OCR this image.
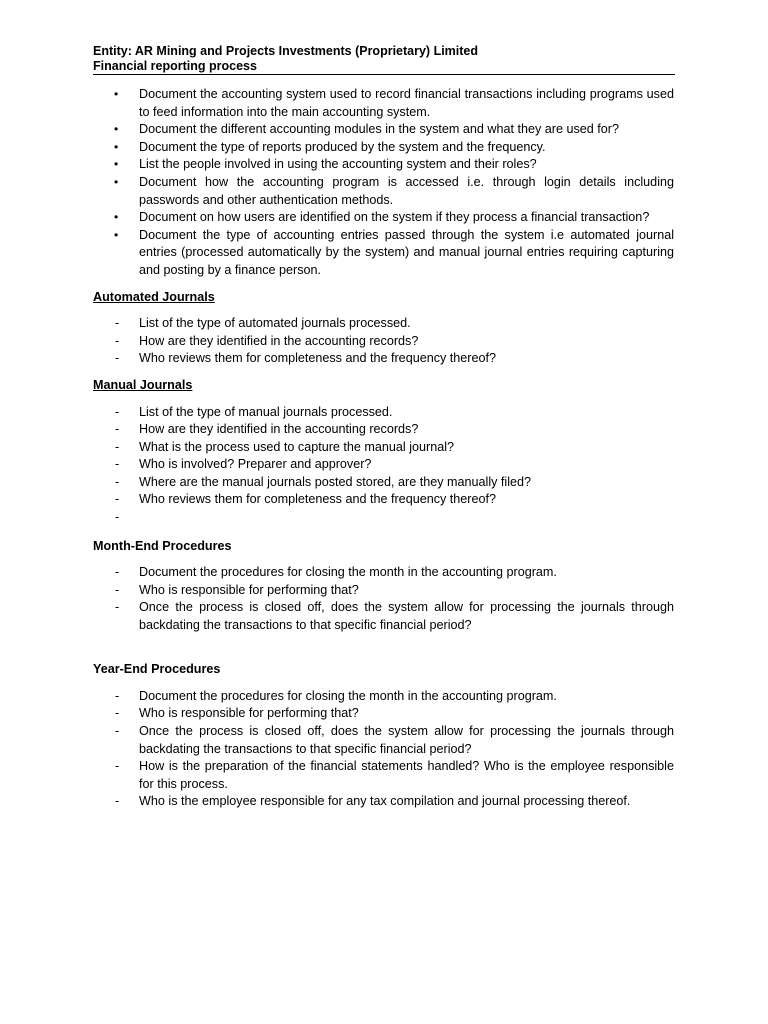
Entity: AR Mining and Projects Investments (Proprietary) Limited
Financial reporting process
•	Document the accounting system used to record financial transactions including programs used to feed information into the main accounting system.
•	Document the different accounting modules in the system and what they are used for?
•	Document the type of reports produced by the system and the frequency.
•	List the people involved in using the accounting system and their roles?
•	Document how the accounting program is accessed i.e. through login details including passwords and other authentication methods.
•	Document on how users are identified on the system if they process a financial transaction?
•	Document the type of accounting entries passed through the system i.e automated journal entries (processed automatically by the system) and manual journal entries requiring capturing and posting by a finance person.
Automated Journals
-	List of the type of automated journals processed.
-	How are they identified in the accounting records?
-	Who reviews them for completeness and the frequency thereof?
Manual Journals
-	List of the type of manual journals processed.
-	How are they identified in the accounting records?
-	What is the process used to capture the manual journal?
-	Who is involved? Preparer and approver?
-	Where are the manual journals posted stored, are they manually filed?
-	Who reviews them for completeness and the frequency thereof?
-

Month-End Procedures
-	Document the procedures for closing the month in the accounting program.
-	Who is responsible for performing that?
-	Once the process is closed off, does the system allow for processing the journals through backdating the transactions to that specific financial period?
Year-End Procedures
-	Document the procedures for closing the month in the accounting program.
-	Who is responsible for performing that?
-	Once the process is closed off, does the system allow for processing the journals through backdating the transactions to that specific financial period?
-	How is the preparation of the financial statements handled? Who is the employee responsible for this process.
-	Who is the employee responsible for any tax compilation and journal processing thereof.
